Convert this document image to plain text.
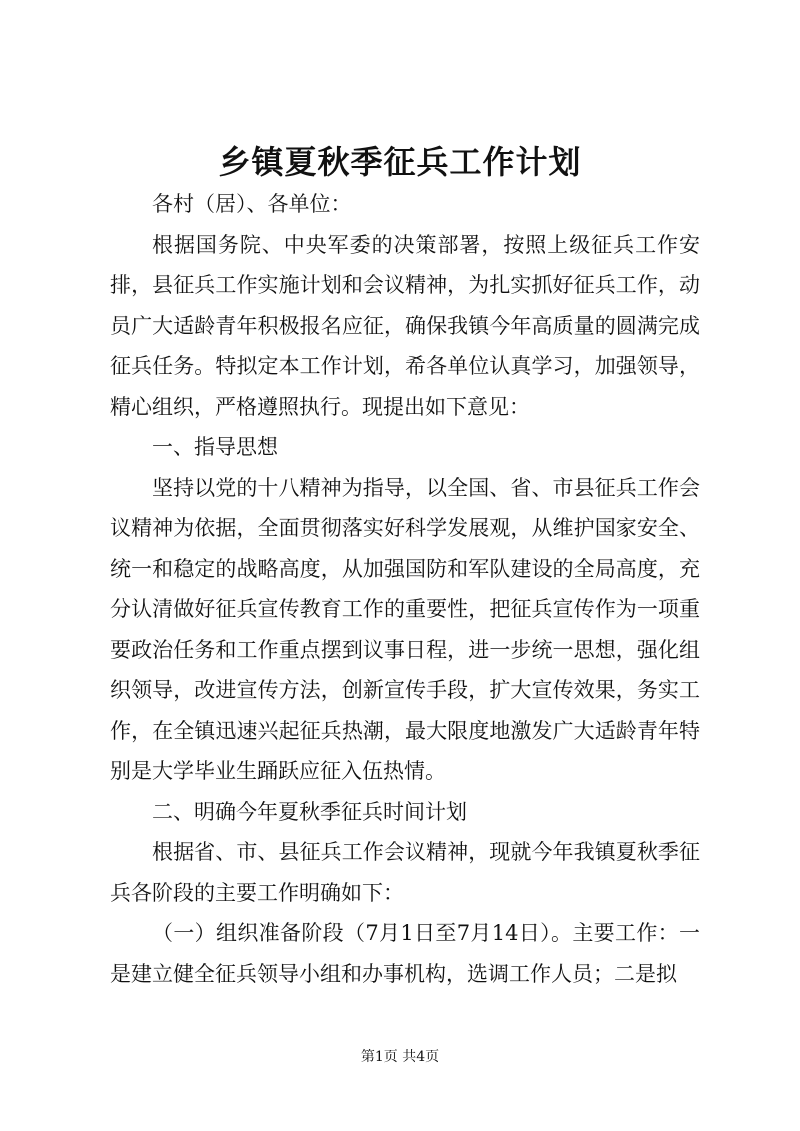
乡镇夏秋季征兵工作计划

各村（居）、各单位：

根据国务院、中央军委的决策部署，按照上级征兵工作安排，县征兵工作实施计划和会议精神，为扎实抓好征兵工作，动员广大适龄青年积极报名应征，确保我镇今年高质量的圆满完成征兵任务。特拟定本工作计划，希各单位认真学习，加强领导，精心组织，严格遵照执行。现提出如下意见：

一、指导思想

坚持以党的十八精神为指导，以全国、省、市县征兵工作会议精神为依据，全面贯彻落实好科学发展观，从维护国家安全、统一和稳定的战略高度，从加强国防和军队建设的全局高度，充分认清做好征兵宣传教育工作的重要性，把征兵宣传作为一项重要政治任务和工作重点摆到议事日程，进一步统一思想，强化组织领导，改进宣传方法，创新宣传手段，扩大宣传效果，务实工作，在全镇迅速兴起征兵热潮，最大限度地激发广大适龄青年特别是大学毕业生踊跃应征入伍热情。

二、明确今年夏秋季征兵时间计划

根据省、市、县征兵工作会议精神，现就今年我镇夏秋季征兵各阶段的主要工作明确如下：

（一）组织准备阶段（7月1日至7月14日）。主要工作：一是建立健全征兵领导小组和办事机构，选调工作人员；二是拟

第1页 共4页
